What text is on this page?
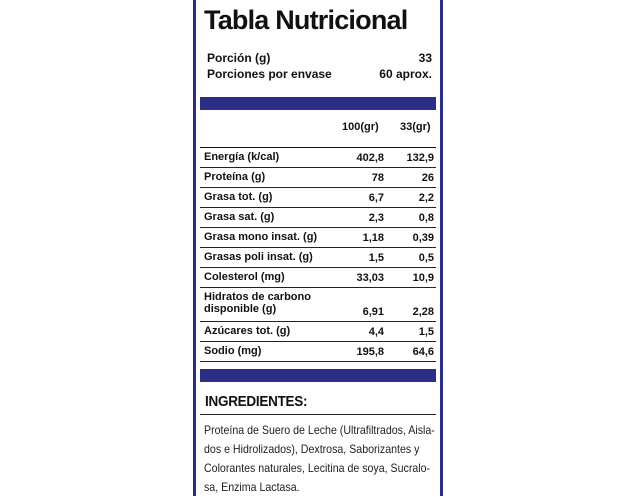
Tabla Nutricional
Porción (g)	33
Porciones por envase	60 aprox.
100(gr) 33(gr)
Energía (k/cal)	402,8 132,9
Proteína (g)	78	26
Grasa tot. (g)	6,7	2,2
Grasa sat. (g)	2,3	0,8
Grasa mono insat. (g)	1,18	0,39
Grasas poli insat. (g)	1,5	0,5
Colesterol (mg)	33,03	10,9
Hidratos de carbono
disponible (g)	6,91	2,28
Azúcares tot. (g)	4,4	1,5
Sodio (mg)	195,8	64,6
INGREDIENTES:
Proteína de Suero de Leche (Ultrafiltrados, Aisla-
dos e Hidrolizados), Dextrosa, Saborizantes y
Colorantes naturales, Lecitina de soya, Sucralo-
sa, Enzima Lactasa.
